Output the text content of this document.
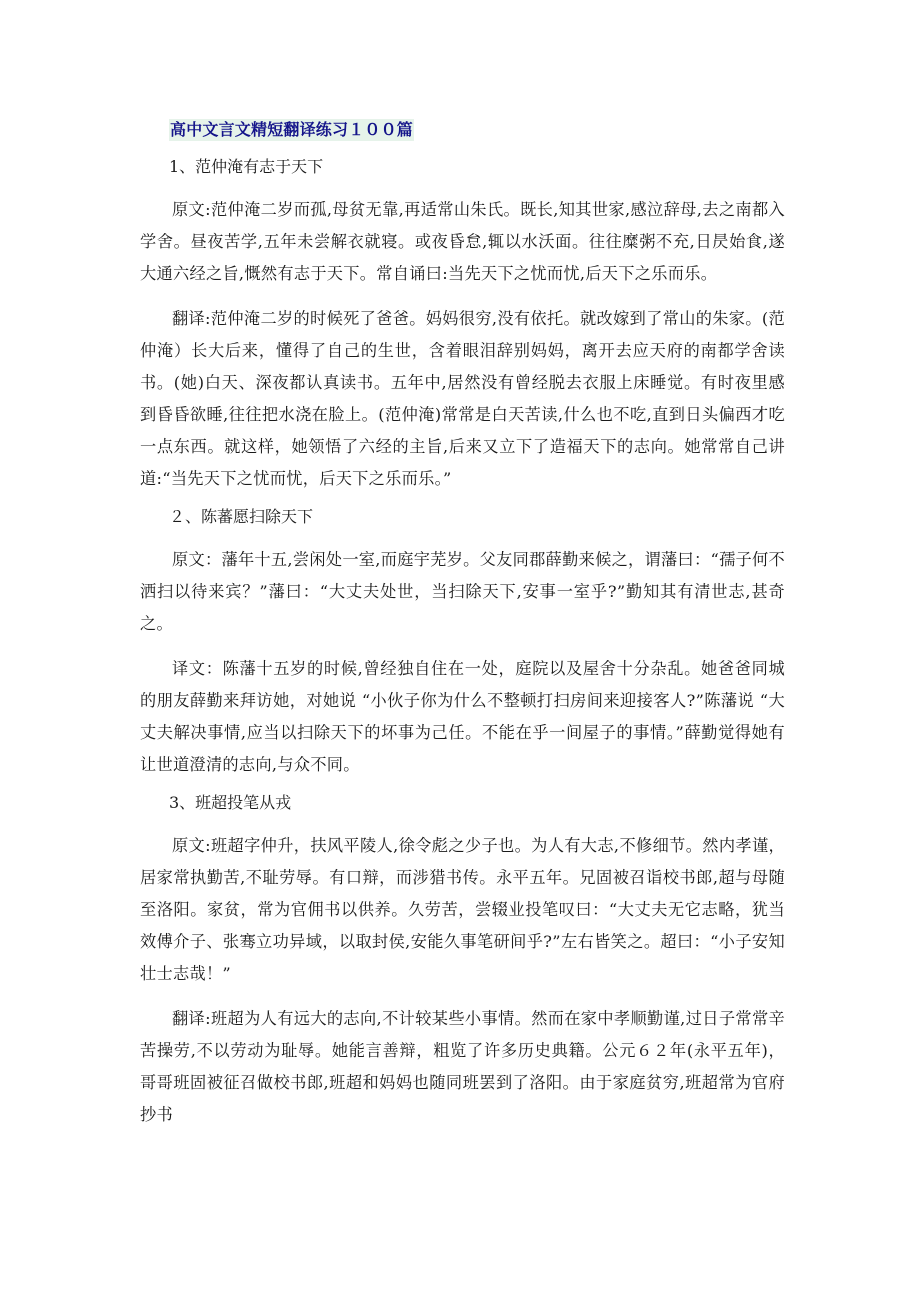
高中文言文精短翻译练习１００篇

1、范仲淹有志于天下

原文:范仲淹二岁而孤,母贫无靠,再适常山朱氏。既长,知其世家,感泣辞母,去之南都入学舍。昼夜苦学,五年未尝解衣就寝。或夜昏怠,辄以水沃面。往往糜粥不充,日昃始食,遂大通六经之旨,慨然有志于天下。常自诵曰:当先天下之忧而忧,后天下之乐而乐。

翻译:范仲淹二岁的时候死了爸爸。妈妈很穷,没有依托。就改嫁到了常山的朱家。(范仲淹）长大后来，懂得了自己的生世，含着眼泪辞别妈妈，离开去应天府的南都学舍读书。(她)白天、深夜都认真读书。五年中,居然没有曾经脱去衣服上床睡觉。有时夜里感到昏昏欲睡,往往把水浇在脸上。(范仲淹)常常是白天苦读,什么也不吃,直到日头偏西才吃一点东西。就这样，她领悟了六经的主旨,后来又立下了造福天下的志向。她常常自己讲道:“当先天下之忧而忧，后天下之乐而乐。”

２、陈蕃愿扫除天下

原文：藩年十五,尝闲处一室,而庭宇芜岁。父友同郡薛勤来候之，谓藩曰：“孺子何不洒扫以待来宾？”藩曰：“大丈夫处世，当扫除天下,安事一室乎?”勤知其有清世志,甚奇之。

译文：陈藩十五岁的时候,曾经独自住在一处，庭院以及屋舍十分杂乱。她爸爸同城的朋友薛勤来拜访她，对她说 “小伙子你为什么不整顿打扫房间来迎接客人?”陈藩说 “大丈夫解决事情,应当以扫除天下的坏事为己任。不能在乎一间屋子的事情。”薛勤觉得她有让世道澄清的志向,与众不同。

3、班超投笔从戎

原文:班超字仲升，扶风平陵人,徐令彪之少子也。为人有大志,不修细节。然内孝谨，居家常执勤苦,不耻劳辱。有口辩，而涉猎书传。永平五年。兄固被召诣校书郎,超与母随至洛阳。家贫，常为官佣书以供养。久劳苦，尝辍业投笔叹曰：“大丈夫无它志略，犹当效傅介子、张骞立功异域，以取封侯,安能久事笔研间乎?”左右皆笑之。超曰：“小子安知壮士志哉！”

翻译:班超为人有远大的志向,不计较某些小事情。然而在家中孝顺勤谨,过日子常常辛苦操劳,不以劳动为耻辱。她能言善辩，粗览了许多历史典籍。公元６２年(永平五年)，哥哥班固被征召做校书郎,班超和妈妈也随同班罢到了洛阳。由于家庭贫穷,班超常为官府抄书
